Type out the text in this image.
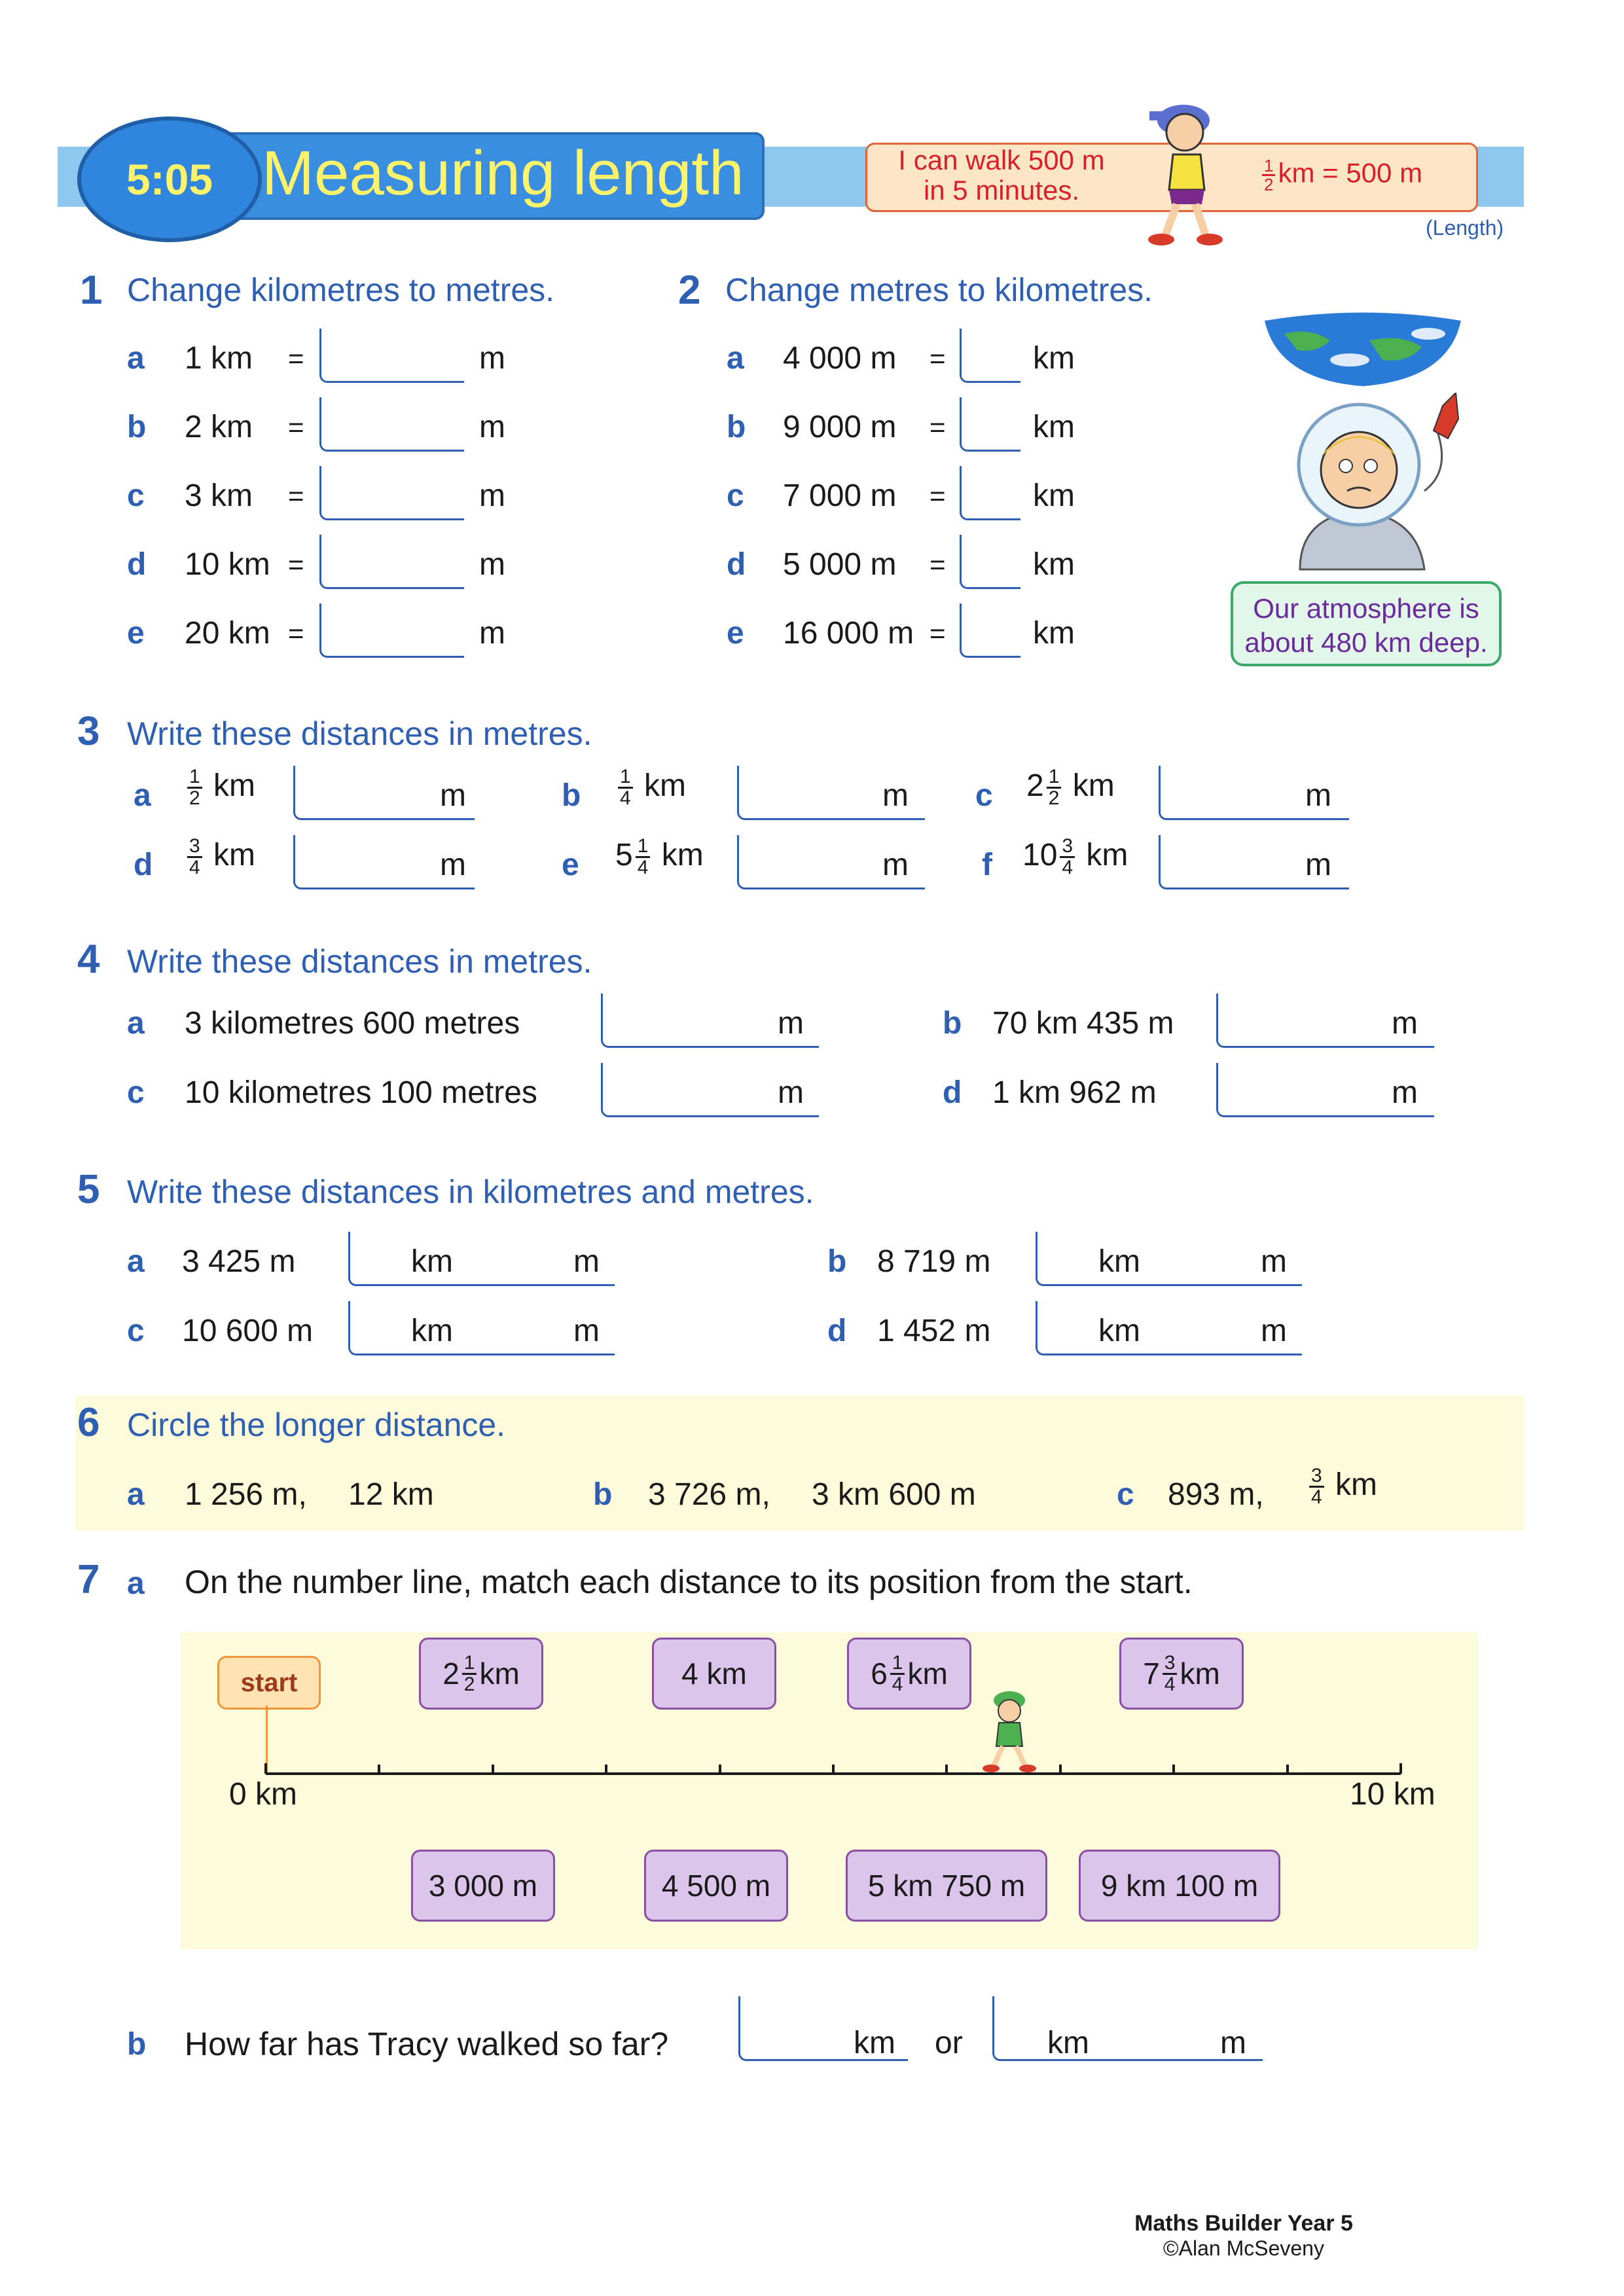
5:05 Measuring length	I can walk 500 m
in 5 minutes.	$\frac{1}{2}$ km = 500 m
(Length)
1 Change kilometres to metres.
a 1 km =	m
b 2 km =	m
c 3 km =	m
d 10 km =	m
e 20 km =	m
2 Change metres to kilometres.
a 4 000 m =	km
b 9 000 m =	km
c 7 000 m =	km
d 5 000 m =	km
e 16 000 m =	km
Our atmosphere is
about 480 km deep.
3 Write these distances in metres.
a $\frac{1}{2}$ km	m	b $\frac{1}{4}$ km	m c $2 \frac{1}{2}$ km	m
d $\frac{3}{4}$ km	m	e $5 \frac{1}{4}$ km	m f $10 \frac{3}{4}$ km	m
4 Write these distances in metres.
a 3 kilometres 600 metres	m	b 70 km 435 m	m
c 10 kilometres 100 metres	m	d 1 km 962 m	m
5 Write these distances in kilometres and metres.
a 3 425 m	km	m	b 8 719 m	km	m
c 10 600 m	km	m	d 1 452 m	km	m
6 Circle the longer distance.
a 1 256 m, 12 km	b 3 726 m, 3 km 600 m	c 893 m, $\frac{3}{4}$ km
7 a On the number line, match each distance to its position from the start.
start
0 km	10 km
$2 \frac{1}{2}$ km	4 km	$6 \frac{1}{4}$ km	$7 \frac{3}{4}$ km
3 000 m	4 500 m	5 km 750 m	9 km 100 m
b How far has Tracy walked so far?	km or	km	m
Maths Builder Year 5
©Alan McSeveny
